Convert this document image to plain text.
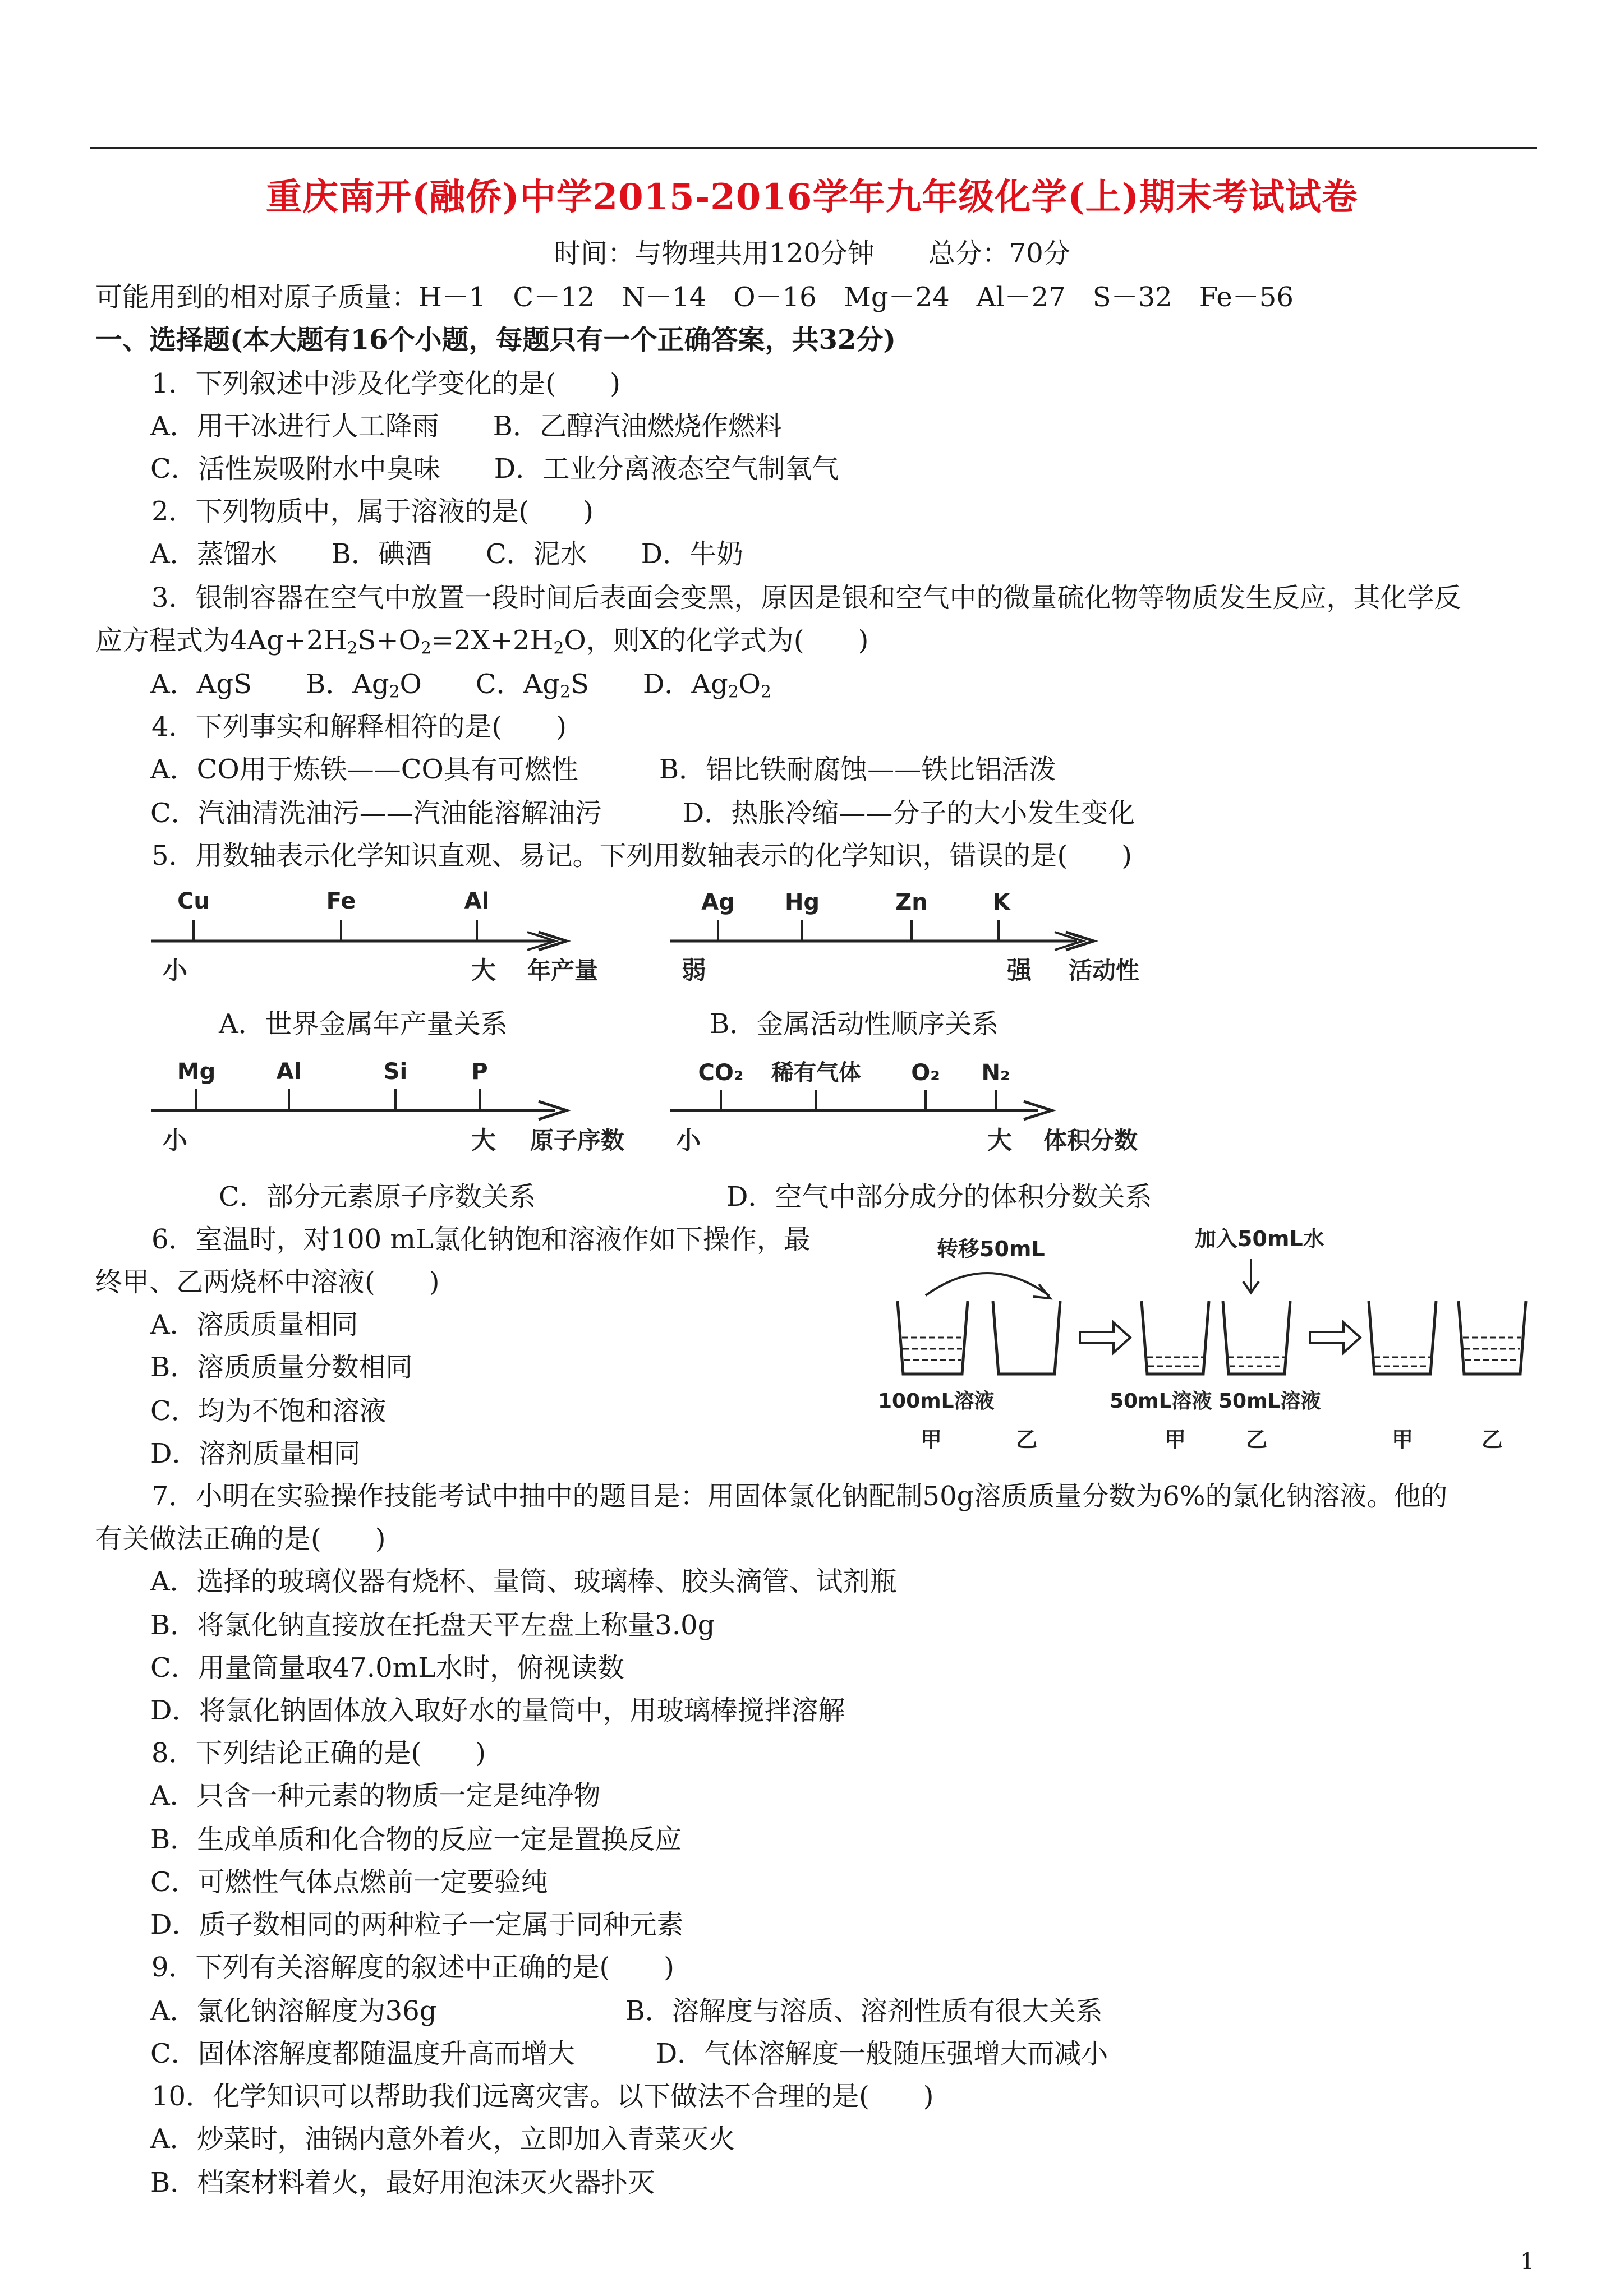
重庆南开(融侨)中学2015-2016学年九年级化学(上)期末考试试卷
时间：与物理共用120分钟　　总分：70分
可能用到的相对原子质量：H－1　C－12　N－14　O－16　Mg－24　Al－27　S－32　Fe－56
一、选择题(本大题有16个小题，每题只有一个正确答案，共32分)
1．下列叙述中涉及化学变化的是(　　)
A．用干冰进行人工降雨　　B．乙醇汽油燃烧作燃料
C．活性炭吸附水中臭味　　D．工业分离液态空气制氧气
2．下列物质中，属于溶液的是(　　)
A．蒸馏水　　B．碘酒　　C．泥水　　D．牛奶
3．银制容器在空气中放置一段时间后表面会变黑，原因是银和空气中的微量硫化物等物质发生反应，其化学反
应方程式为$4Ag+2H_2S+O_2=2X+2H_2O$，则X的化学式为(　　)
A．AgS　　B．$Ag_2O$　　C．$Ag_2S$　　D．$Ag_2O_2$
4．下列事实和解释相符的是(　　)
A．CO用于炼铁——CO具有可燃性　　　B．铝比铁耐腐蚀——铁比铝活泼
C．汽油清洗油污——汽油能溶解油污　　　D．热胀冷缩——分子的大小发生变化
5．用数轴表示化学知识直观、易记。下列用数轴表示的化学知识，错误的是(　　)
Cu	Fe	Al
小	大 年产量
Ag Hg	Zn	K
弱	强 活动性
Mg	Al	Si	P
小	大 原子序数
CO₂ 稀有气体 O₂ N₂
小	大 体积分数
转移50mL	加入50mL水
100mL溶液	50mL溶液 50mL溶液
甲	乙	甲	乙	甲	乙
A．世界金属年产量关系	B．金属活动性顺序关系
C．部分元素原子序数关系	D．空气中部分成分的体积分数关系
6．室温时，对100 mL氯化钠饱和溶液作如下操作，最
终甲、乙两烧杯中溶液(　　)
A．溶质质量相同
B．溶质质量分数相同
C．均为不饱和溶液
D．溶剂质量相同
7．小明在实验操作技能考试中抽中的题目是：用固体氯化钠配制50g溶质质量分数为6%的氯化钠溶液。他的
有关做法正确的是(　　)
A．选择的玻璃仪器有烧杯、量筒、玻璃棒、胶头滴管、试剂瓶
B．将氯化钠直接放在托盘天平左盘上称量3.0g
C．用量筒量取47.0mL水时，俯视读数
D．将氯化钠固体放入取好水的量筒中，用玻璃棒搅拌溶解
8．下列结论正确的是(　　)
A．只含一种元素的物质一定是纯净物
B．生成单质和化合物的反应一定是置换反应
C．可燃性气体点燃前一定要验纯
D．质子数相同的两种粒子一定属于同种元素
9．下列有关溶解度的叙述中正确的是(　　)
A．氯化钠溶解度为36g　　　　　　　B．溶解度与溶质、溶剂性质有很大关系
C．固体溶解度都随温度升高而增大　　　D．气体溶解度一般随压强增大而减小
10．化学知识可以帮助我们远离灾害。以下做法不合理的是(　　)
A．炒菜时，油锅内意外着火，立即加入青菜灭火
B．档案材料着火，最好用泡沫灭火器扑灭
1
